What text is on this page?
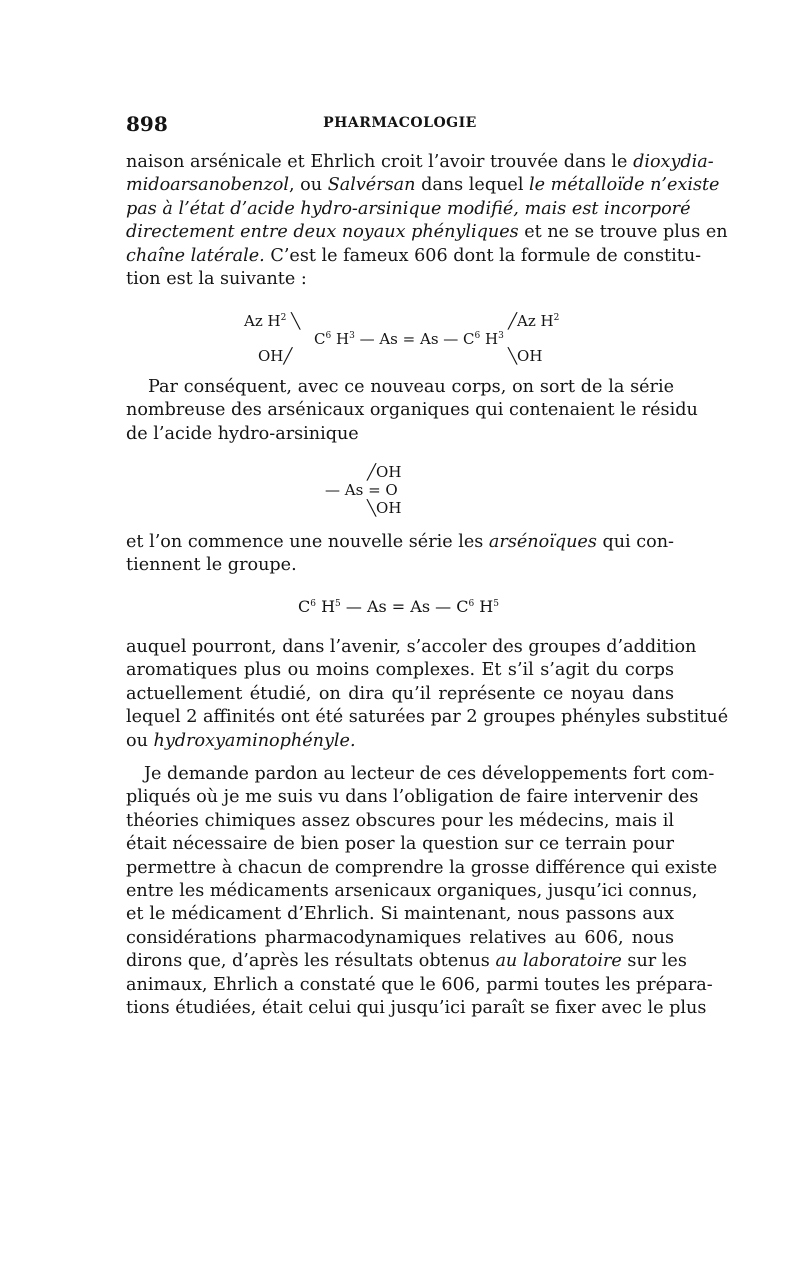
898	PHARMACOLOGIE
naison arsénicale et Ehrlich croit l’avoir trouvée dans le dioxydia-
midoarsanobenzol, ou Salvérsan dans lequel le métalloïde n’existe
pas à l’état d’acide hydro-arsinique modifié, mais est incorporé
directement entre deux noyaux phényliques et ne se trouve plus en
chaîne latérale. C’est le fameux 606 dont la formule de constitu-
tion est la suivante :
Az $H^2$ ╲
OH╱
$C^6$ $H^3$ — As = As — $C^6$ $H^3$
╱Az $H^2$
╲OH
Par conséquent, avec ce nouveau corps, on sort de la série
nombreuse des arsénicaux organiques qui contenaient le résidu
de l’acide hydro-arsinique
╱OH
— As = O
╲OH
et l’on commence une nouvelle série les arsénoïques qui con-
tiennent le groupe.
$C^6$ $H^5$ — As = As — $C^6$ $H^5$
auquel pourront, dans l’avenir, s’accoler des groupes d’addition
aromatiques plus ou moins complexes. Et s’il s’agit du corps
actuellement étudié, on dira qu’il représente ce noyau dans
lequel 2 affinités ont été saturées par 2 groupes phényles substitué
ou hydroxyaminophényle.
Je demande pardon au lecteur de ces développements fort com-
pliqués où je me suis vu dans l’obligation de faire intervenir des
théories chimiques assez obscures pour les médecins, mais il
était nécessaire de bien poser la question sur ce terrain pour
permettre à chacun de comprendre la grosse différence qui existe
entre les médicaments arsenicaux organiques, jusqu’ici connus,
et le médicament d’Ehrlich. Si maintenant, nous passons aux
considérations pharmacodynamiques relatives au 606, nous
dirons que, d’après les résultats obtenus au laboratoire sur les
animaux, Ehrlich a constaté que le 606, parmi toutes les prépara-
tions étudiées, était celui qui jusqu’ici paraît se fixer avec le plus
